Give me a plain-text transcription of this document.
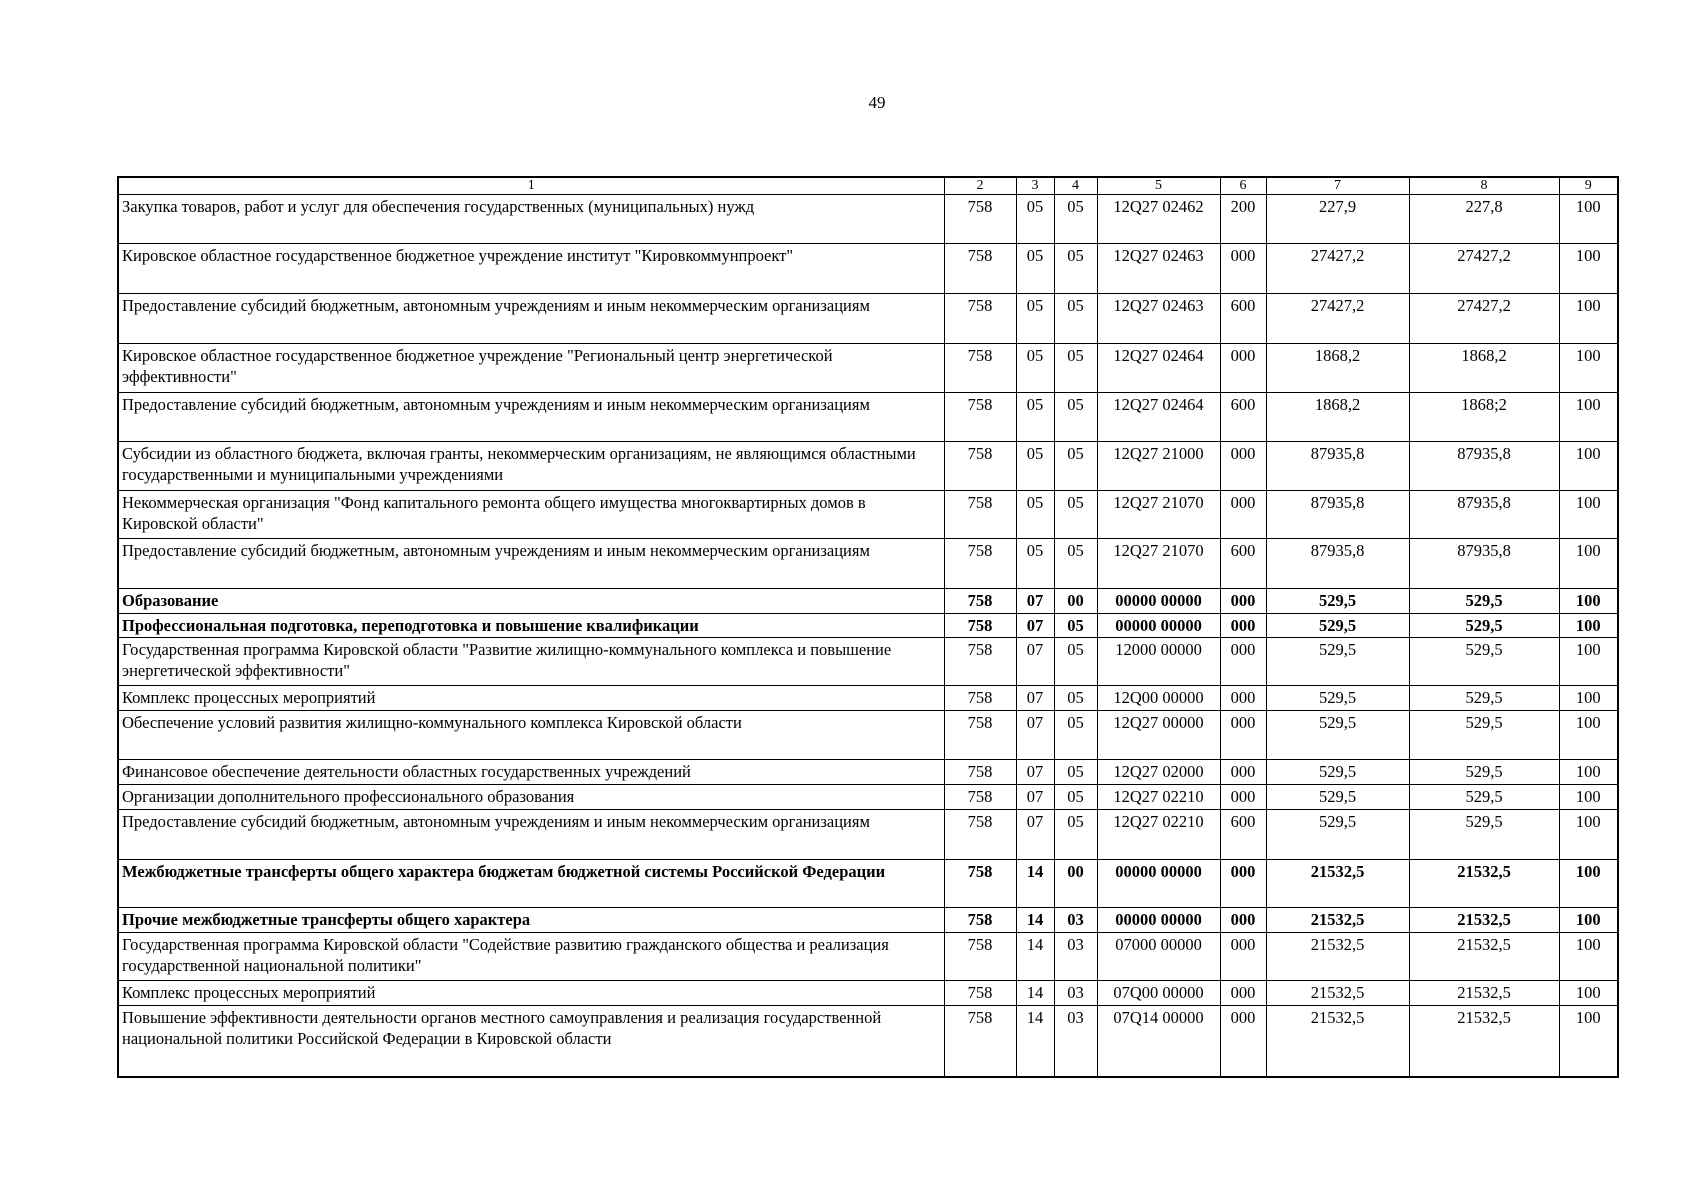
49
1	2	3	4	5	6	7	8	9
Закупка товаров, работ и услуг для обеспечения государственных (муниципальных) нужд	758	05	05	12Q27 02462	200	227,9	227,8	100
Кировское областное государственное бюджетное учреждение институт "Кировкоммунпроект"	758	05	05	12Q27 02463	000	27427,2	27427,2	100
Предоставление субсидий бюджетным, автономным учреждениям и иным некоммерческим организациям	758	05	05	12Q27 02463	600	27427,2	27427,2	100
Кировское областное государственное бюджетное учреждение "Региональный центр энергетической эффективности"	758	05	05	12Q27 02464	000	1868,2	1868,2	100
Предоставление субсидий бюджетным, автономным учреждениям и иным некоммерческим организациям	758	05	05	12Q27 02464	600	1868,2	1868;2	100
Субсидии из областного бюджета, включая гранты, некоммерческим организациям, не являющимся областными государственными и муниципальными учреждениями	758	05	05	12Q27 21000	000	87935,8	87935,8	100
Некоммерческая организация "Фонд капитального ремонта общего имущества многоквартирных домов в Кировской области"	758	05	05	12Q27 21070	000	87935,8	87935,8	100
Предоставление субсидий бюджетным, автономным учреждениям и иным некоммерческим организациям	758	05	05	12Q27 21070	600	87935,8	87935,8	100
Образование	758	07	00	00000 00000	000	529,5	529,5	100
Профессиональная подготовка, переподготовка и повышение квалификации	758	07	05	00000 00000	000	529,5	529,5	100
Государственная программа Кировской области "Развитие жилищно-коммунального комплекса и повышение энергетической эффективности"	758	07	05	12000 00000	000	529,5	529,5	100
Комплекс процессных мероприятий	758	07	05	12Q00 00000	000	529,5	529,5	100
Обеспечение условий развития жилищно-коммунального комплекса Кировской области	758	07	05	12Q27 00000	000	529,5	529,5	100
Финансовое обеспечение деятельности областных государственных учреждений	758	07	05	12Q27 02000	000	529,5	529,5	100
Организации дополнительного профессионального образования	758	07	05	12Q27 02210	000	529,5	529,5	100
Предоставление субсидий бюджетным, автономным учреждениям и иным некоммерческим организациям	758	07	05	12Q27 02210	600	529,5	529,5	100
Межбюджетные трансферты общего характера бюджетам бюджетной системы Российской Федерации	758	14	00	00000 00000	000	21532,5	21532,5	100
Прочие межбюджетные трансферты общего характера	758	14	03	00000 00000	000	21532,5	21532,5	100
Государственная программа Кировской области "Содействие развитию гражданского общества и реализация государственной национальной политики"	758	14	03	07000 00000	000	21532,5	21532,5	100
Комплекс процессных мероприятий	758	14	03	07Q00 00000	000	21532,5	21532,5	100
Повышение эффективности деятельности органов местного самоуправления и реализация государственной национальной политики Российской Федерации в Кировской области	758	14	03	07Q14 00000	000	21532,5	21532,5	100
